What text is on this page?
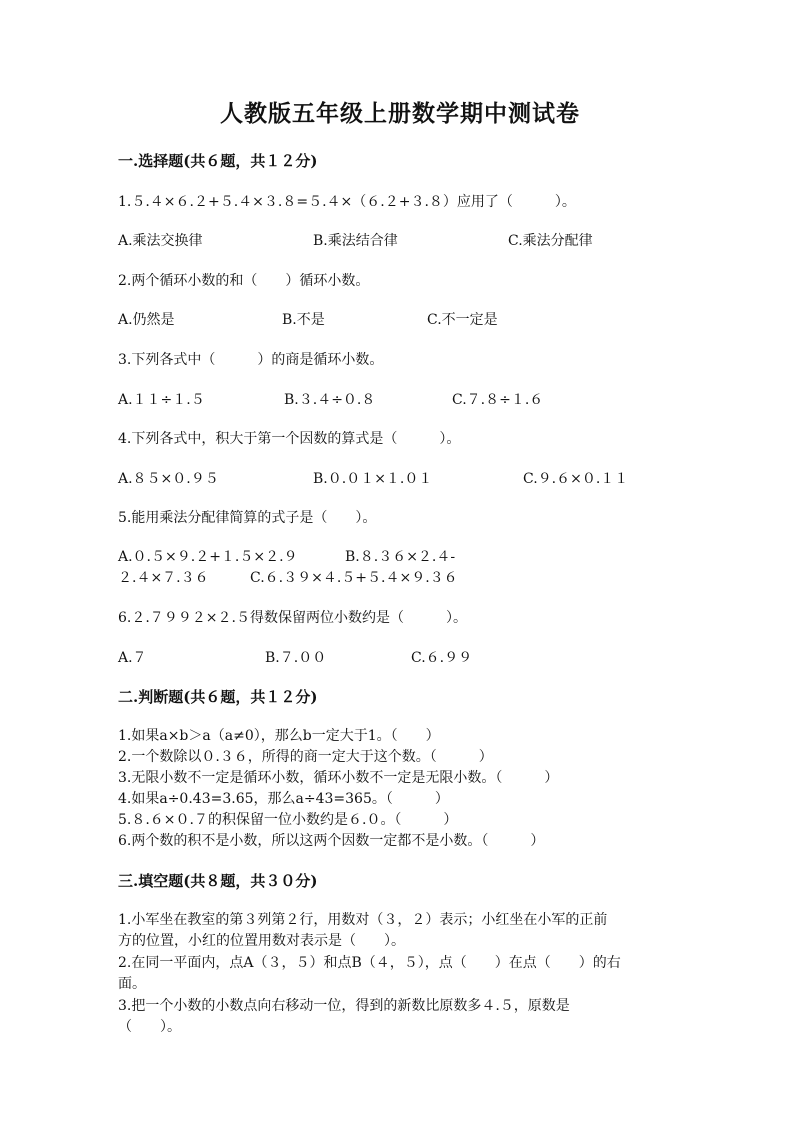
人教版五年级上册数学期中测试卷
一.选择题(共６题，共１２分)
1.５.４×６.２+５.４×３.８=５.４×（６.２+３.８）应用了（　　　）。
A.乘法交换律	B.乘法结合律	C.乘法分配律
2.两个循环小数的和（　　）循环小数。
A.仍然是	B.不是	C.不一定是
3.下列各式中（　　　）的商是循环小数。
A.１１÷１.５	B.３.４÷０.８	C.７.８÷１.６
4.下列各式中，积大于第一个因数的算式是（　　　）。
A.８５×０.９５	B.０.０１×１.０１	C.９.６×０.１１
5.能用乘法分配律简算的式子是（　　）。
A.０.５×９.２+１.５×２.９	B.８.３６×２.４-
２.４×７.３６	C.６.３９×４.５+５.４×９.３６
6.２.７９９２×２.５得数保留两位小数约是（　　　）。
A.７	B.７.００	C.６.９９
二.判断题(共６题，共１２分)
1.如果a×b＞a（a≠0），那么b一定大于1。（　　）
2.一个数除以０.３６，所得的商一定大于这个数。（　　　）
3.无限小数不一定是循环小数，循环小数不一定是无限小数。（　　　）
4.如果a÷0.43=3.65，那么a÷43=365。（　　　）
5.８.６×０.７的积保留一位小数约是６.０。（　　　）
6.两个数的积不是小数，所以这两个因数一定都不是小数。（　　　）
三.填空题(共８题，共３０分)
1.小军坐在教室的第３列第２行，用数对（３，２）表示；小红坐在小军的正前
方的位置，小红的位置用数对表示是（　　）。
2.在同一平面内，点A（３，５）和点B（４，５），点（　　）在点（　　）的右
面。
3.把一个小数的小数点向右移动一位，得到的新数比原数多４.５，原数是
（　　）。
